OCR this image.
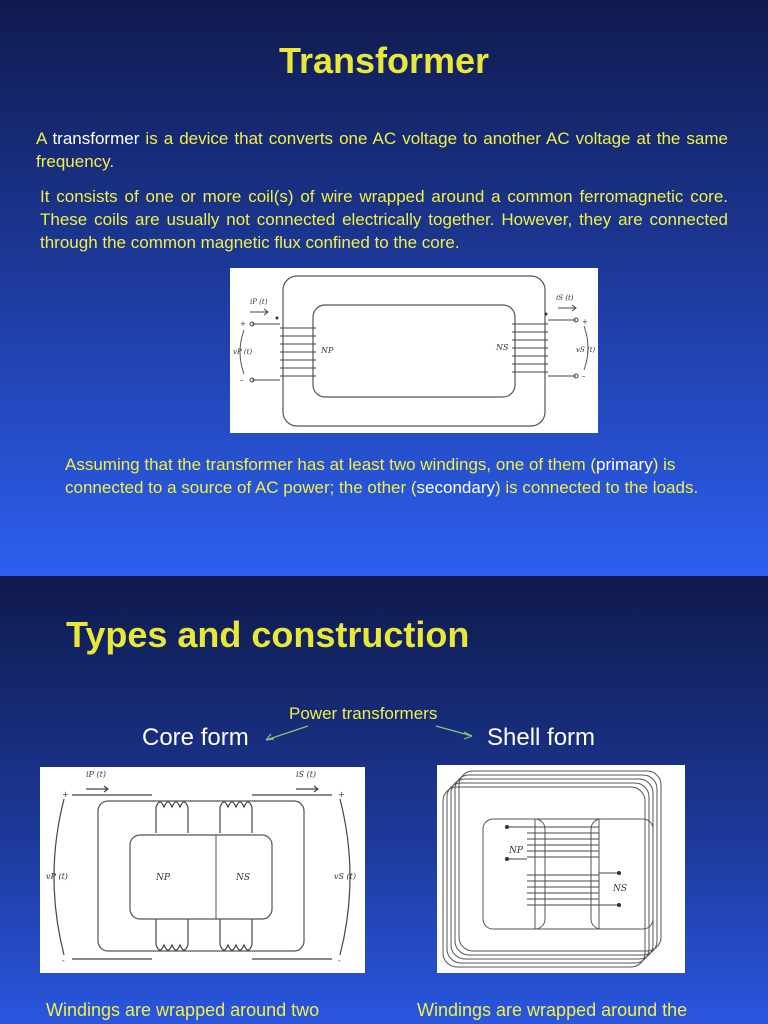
Transformer
A transformer is a device that converts one AC voltage to another AC voltage at the same frequency.
It consists of one or more coil(s) of wire wrapped around a common ferromagnetic core. These coils are usually not connected electrically together. However, they are connected through the common magnetic flux confined to the core.
iP (t)	iS (t)
vP (t)	vS (t)
NP	NS
+
–
+
–
Assuming that the transformer has at least two windings, one of them (primary) is connected to a source of AC power; the other (secondary) is connected to the loads.
Types and construction
Power transformers
Core form	Shell form
iP (t)	iS (t)
vP (t)	vS (t)
NP	NS
+
-
+
-
NP
NS
Windings are wrapped around two	Windings are wrapped around the
